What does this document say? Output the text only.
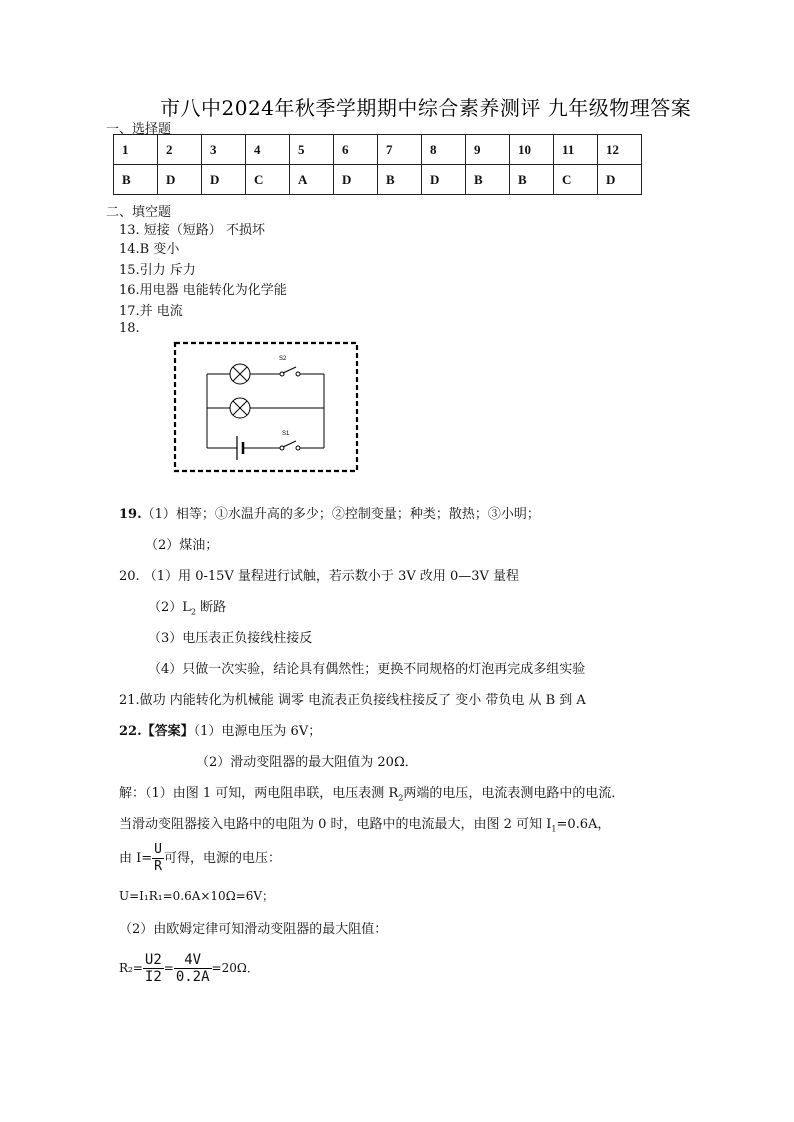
市八中2024年秋季学期期中综合素养测评 九年级物理答案
一、选择题
1	2	3	4	5	6	7	8	9	10	11	12
B	D	D	C	A	D	B	D	B	B	C	D
二、填空题
13. 短接（短路） 不损坏
14.B 变小
15.引力 斥力
16.用电器 电能转化为化学能
17.并 电流
18.
S2
S1
19.（1）相等；①水温升高的多少；②控制变量；种类；散热；③小明；
（2）煤油；
20. （1）用 0-15V 量程进行试触，若示数小于 3V 改用 0—3V 量程
$(2)L_2$ 断路
（3）电压表正负接线柱接反
（4）只做一次实验，结论具有偶然性；更换不同规格的灯泡再完成多组实验
21.做功 内能转化为机械能 调零 电流表正负接线柱接反了 变小 带负电 从 B 到 A
22.【答案】（1）电源电压为 6V；
（2）滑动变阻器的最大阻值为 20Ω．
解：（1）由图 1 可知，两电阻串联，电压表测 $R_2$两端的电压，电流表测电路中的电流．
当滑动变阻器接入电路中的电阻为 0 时，电路中的电流最大，由图 2 可知 $I_1=0.6A$，
由 $I= \frac{U}{R}$ 可得，电源的电压：
U=I₁R₁=0.6A×10Ω=6V；
（2）由欧姆定律可知滑动变阻器的最大阻值：
$R_2= \frac{U2}{I2} = \frac{4V}{0.2A} =20\Omega$．
